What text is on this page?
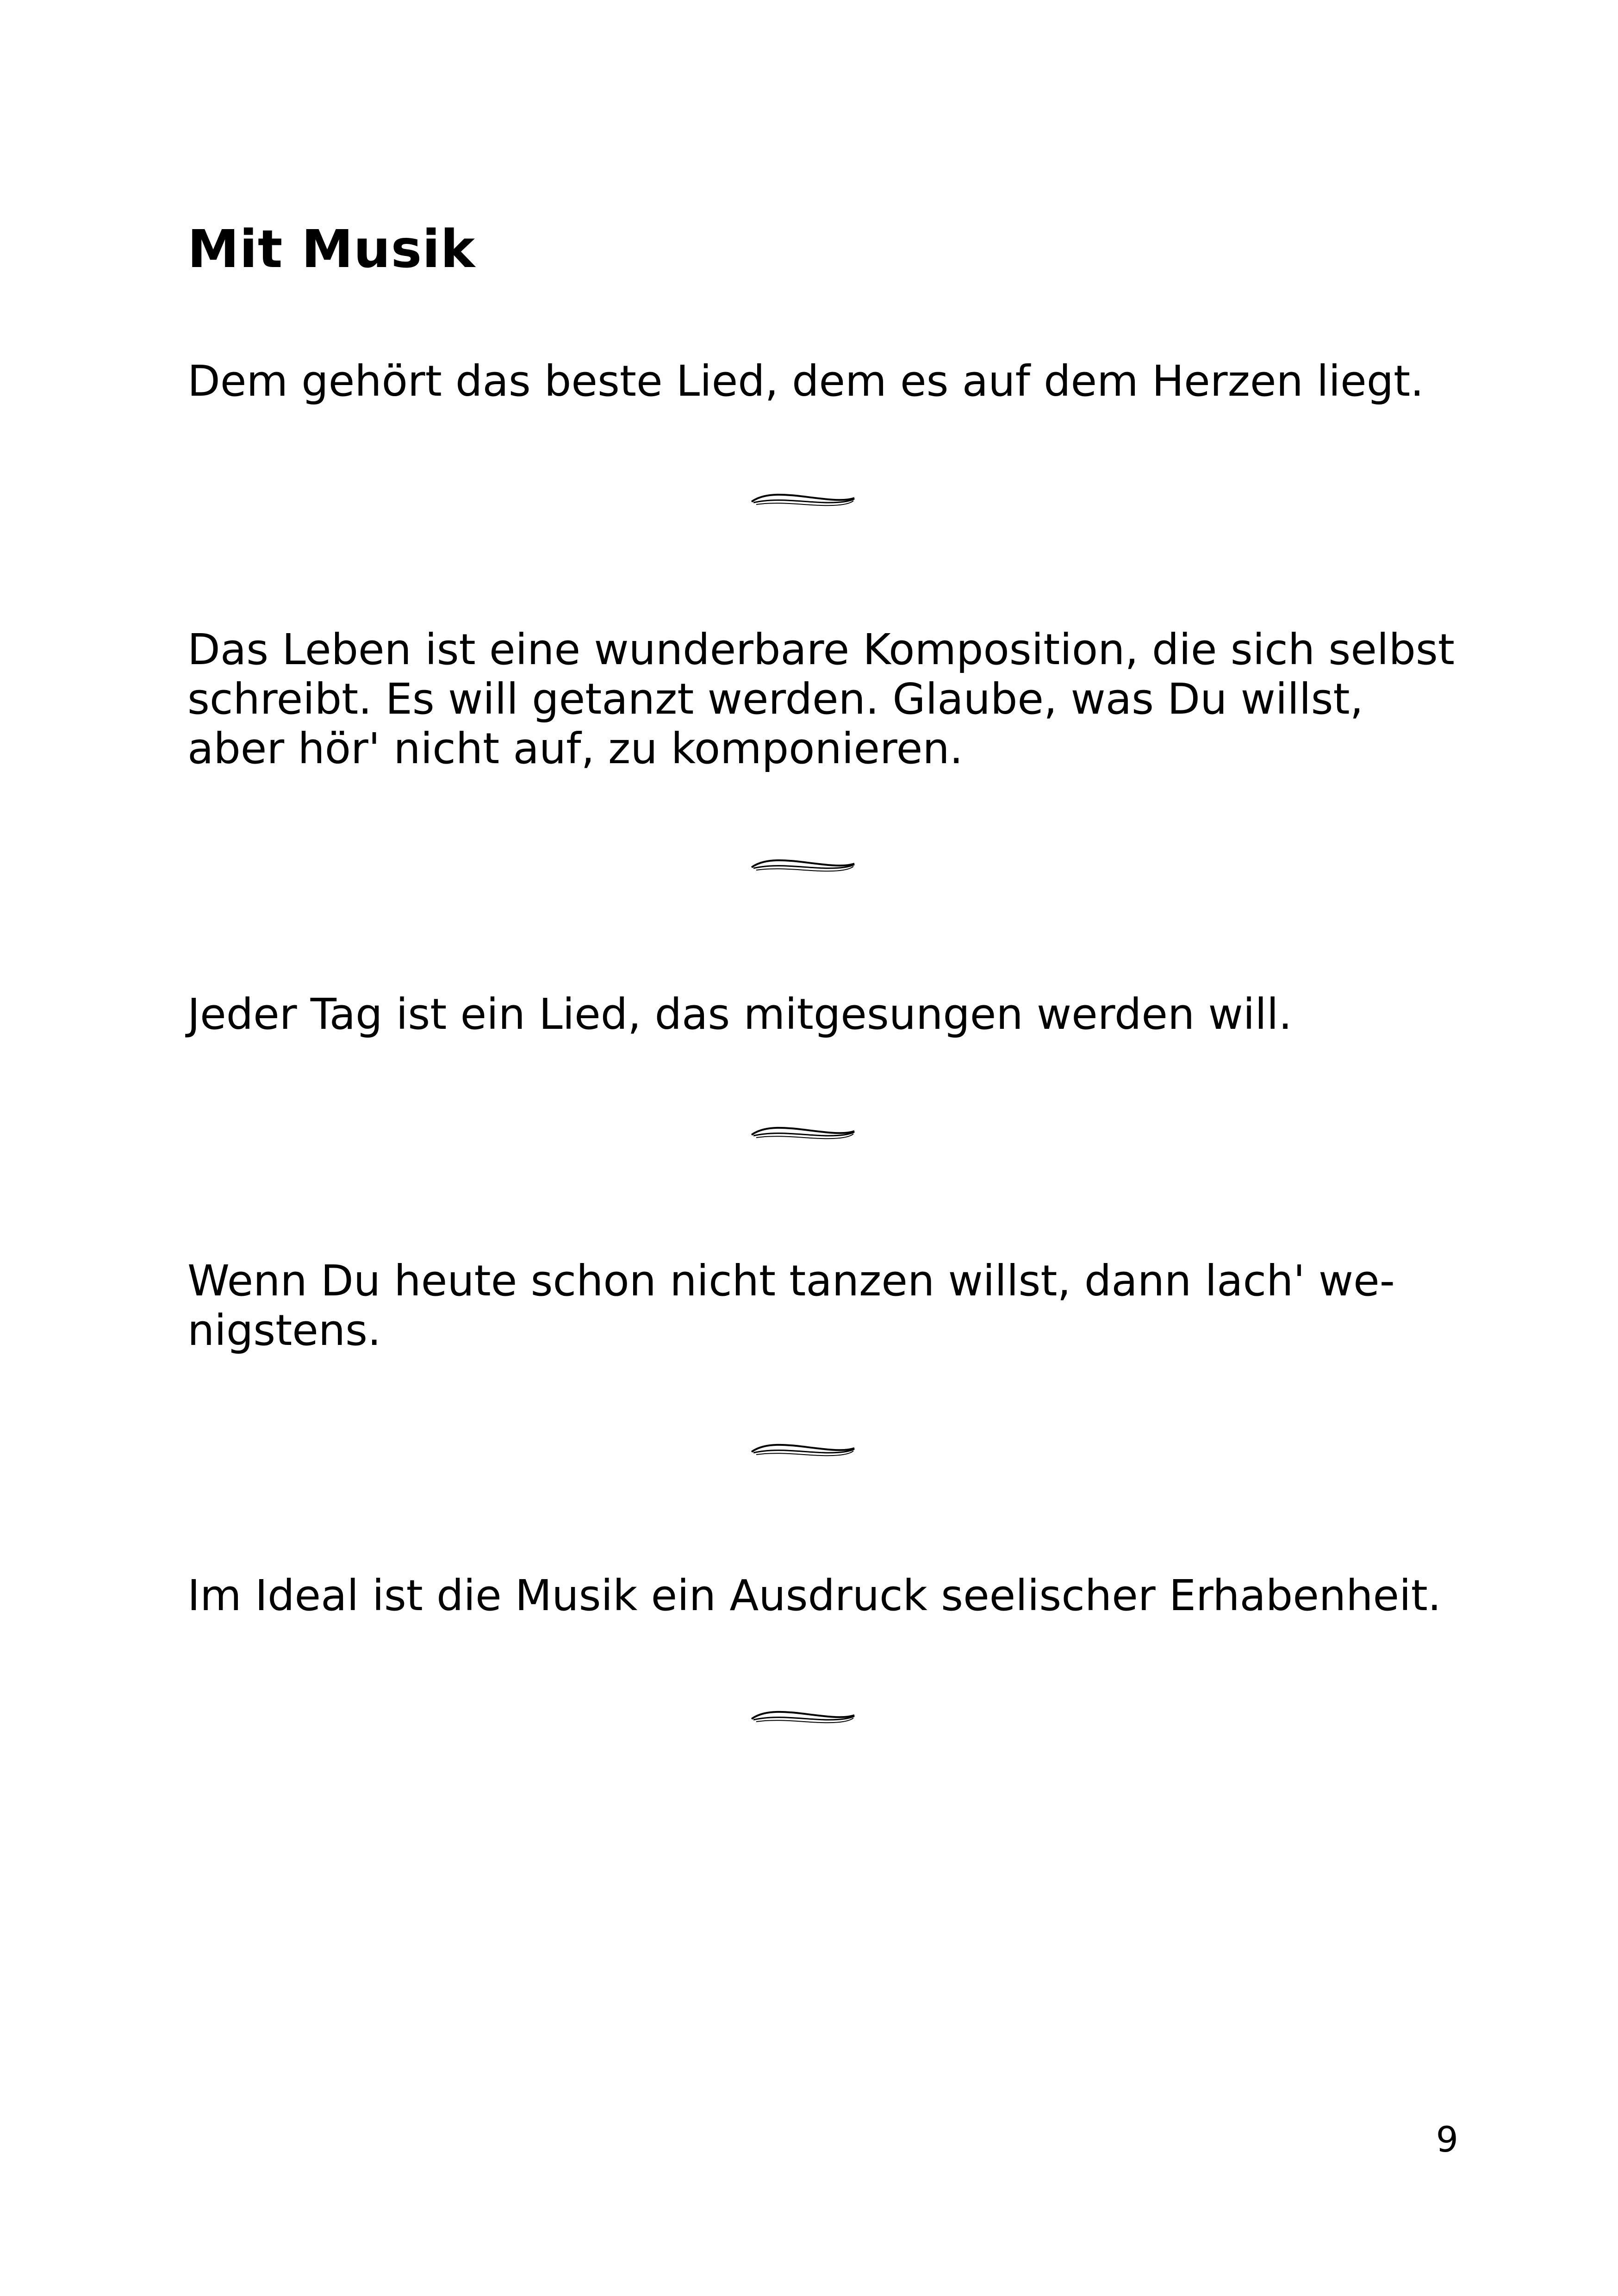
Mit Musik

Dem gehört das beste Lied, dem es auf dem Herzen liegt.

Das Leben ist eine wunderbare Komposition, die sich selbst
schreibt. Es will getanzt werden. Glaube, was Du willst,
aber hör' nicht auf, zu komponieren.

Jeder Tag ist ein Lied, das mitgesungen werden will.

Wenn Du heute schon nicht tanzen willst, dann lach' we-
nigstens.

Im Ideal ist die Musik ein Ausdruck seelischer Erhabenheit.

9
